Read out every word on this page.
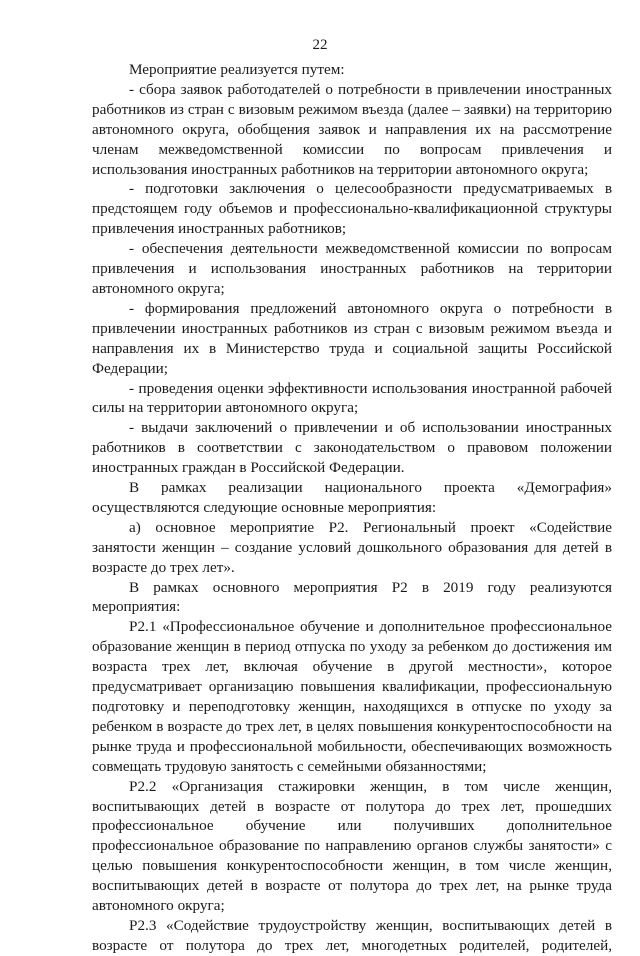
22

Мероприятие реализуется путем:

- сбора заявок работодателей о потребности в привлечении иностранных работников из стран с визовым режимом въезда (далее – заявки) на территорию автономного округа, обобщения заявок и направления их на рассмотрение членам межведомственной комиссии по вопросам привлечения и использования иностранных работников на территории автономного округа;

- подготовки заключения о целесообразности предусматриваемых в предстоящем году объемов и профессионально-квалификационной структуры привлечения иностранных работников;

- обеспечения деятельности межведомственной комиссии по вопросам привлечения и использования иностранных работников на территории автономного округа;

- формирования предложений автономного округа о потребности в привлечении иностранных работников из стран с визовым режимом въезда и направления их в Министерство труда и социальной защиты Российской Федерации;

- проведения оценки эффективности использования иностранной рабочей силы на территории автономного округа;

- выдачи заключений о привлечении и об использовании иностранных работников в соответствии с законодательством о правовом положении иностранных граждан в Российской Федерации.

В рамках реализации национального проекта «Демография» осуществляются следующие основные мероприятия:

а) основное мероприятие Р2. Региональный проект «Содействие занятости женщин – создание условий дошкольного образования для детей в возрасте до трех лет».

В рамках основного мероприятия Р2 в 2019 году реализуются мероприятия:

Р2.1 «Профессиональное обучение и дополнительное профессиональное образование женщин в период отпуска по уходу за ребенком до достижения им возраста трех лет, включая обучение в другой местности», которое предусматривает организацию повышения квалификации, профессиональную подготовку и переподготовку женщин, находящихся в отпуске по уходу за ребенком в возрасте до трех лет, в целях повышения конкурентоспособности на рынке труда и профессиональной мобильности, обеспечивающих возможность совмещать трудовую занятость с семейными обязанностями;

Р2.2 «Организация стажировки женщин, в том числе женщин, воспитывающих детей в возрасте от полутора до трех лет, прошедших профессиональное обучение или получивших дополнительное профессиональное образование по направлению органов службы занятости» с целью повышения конкурентоспособности женщин, в том числе женщин, воспитывающих детей в возрасте от полутора до трех лет, на рынке труда автономного округа;

Р2.3 «Содействие трудоустройству женщин, воспитывающих детей в возрасте от полутора до трех лет, многодетных родителей, родителей,
